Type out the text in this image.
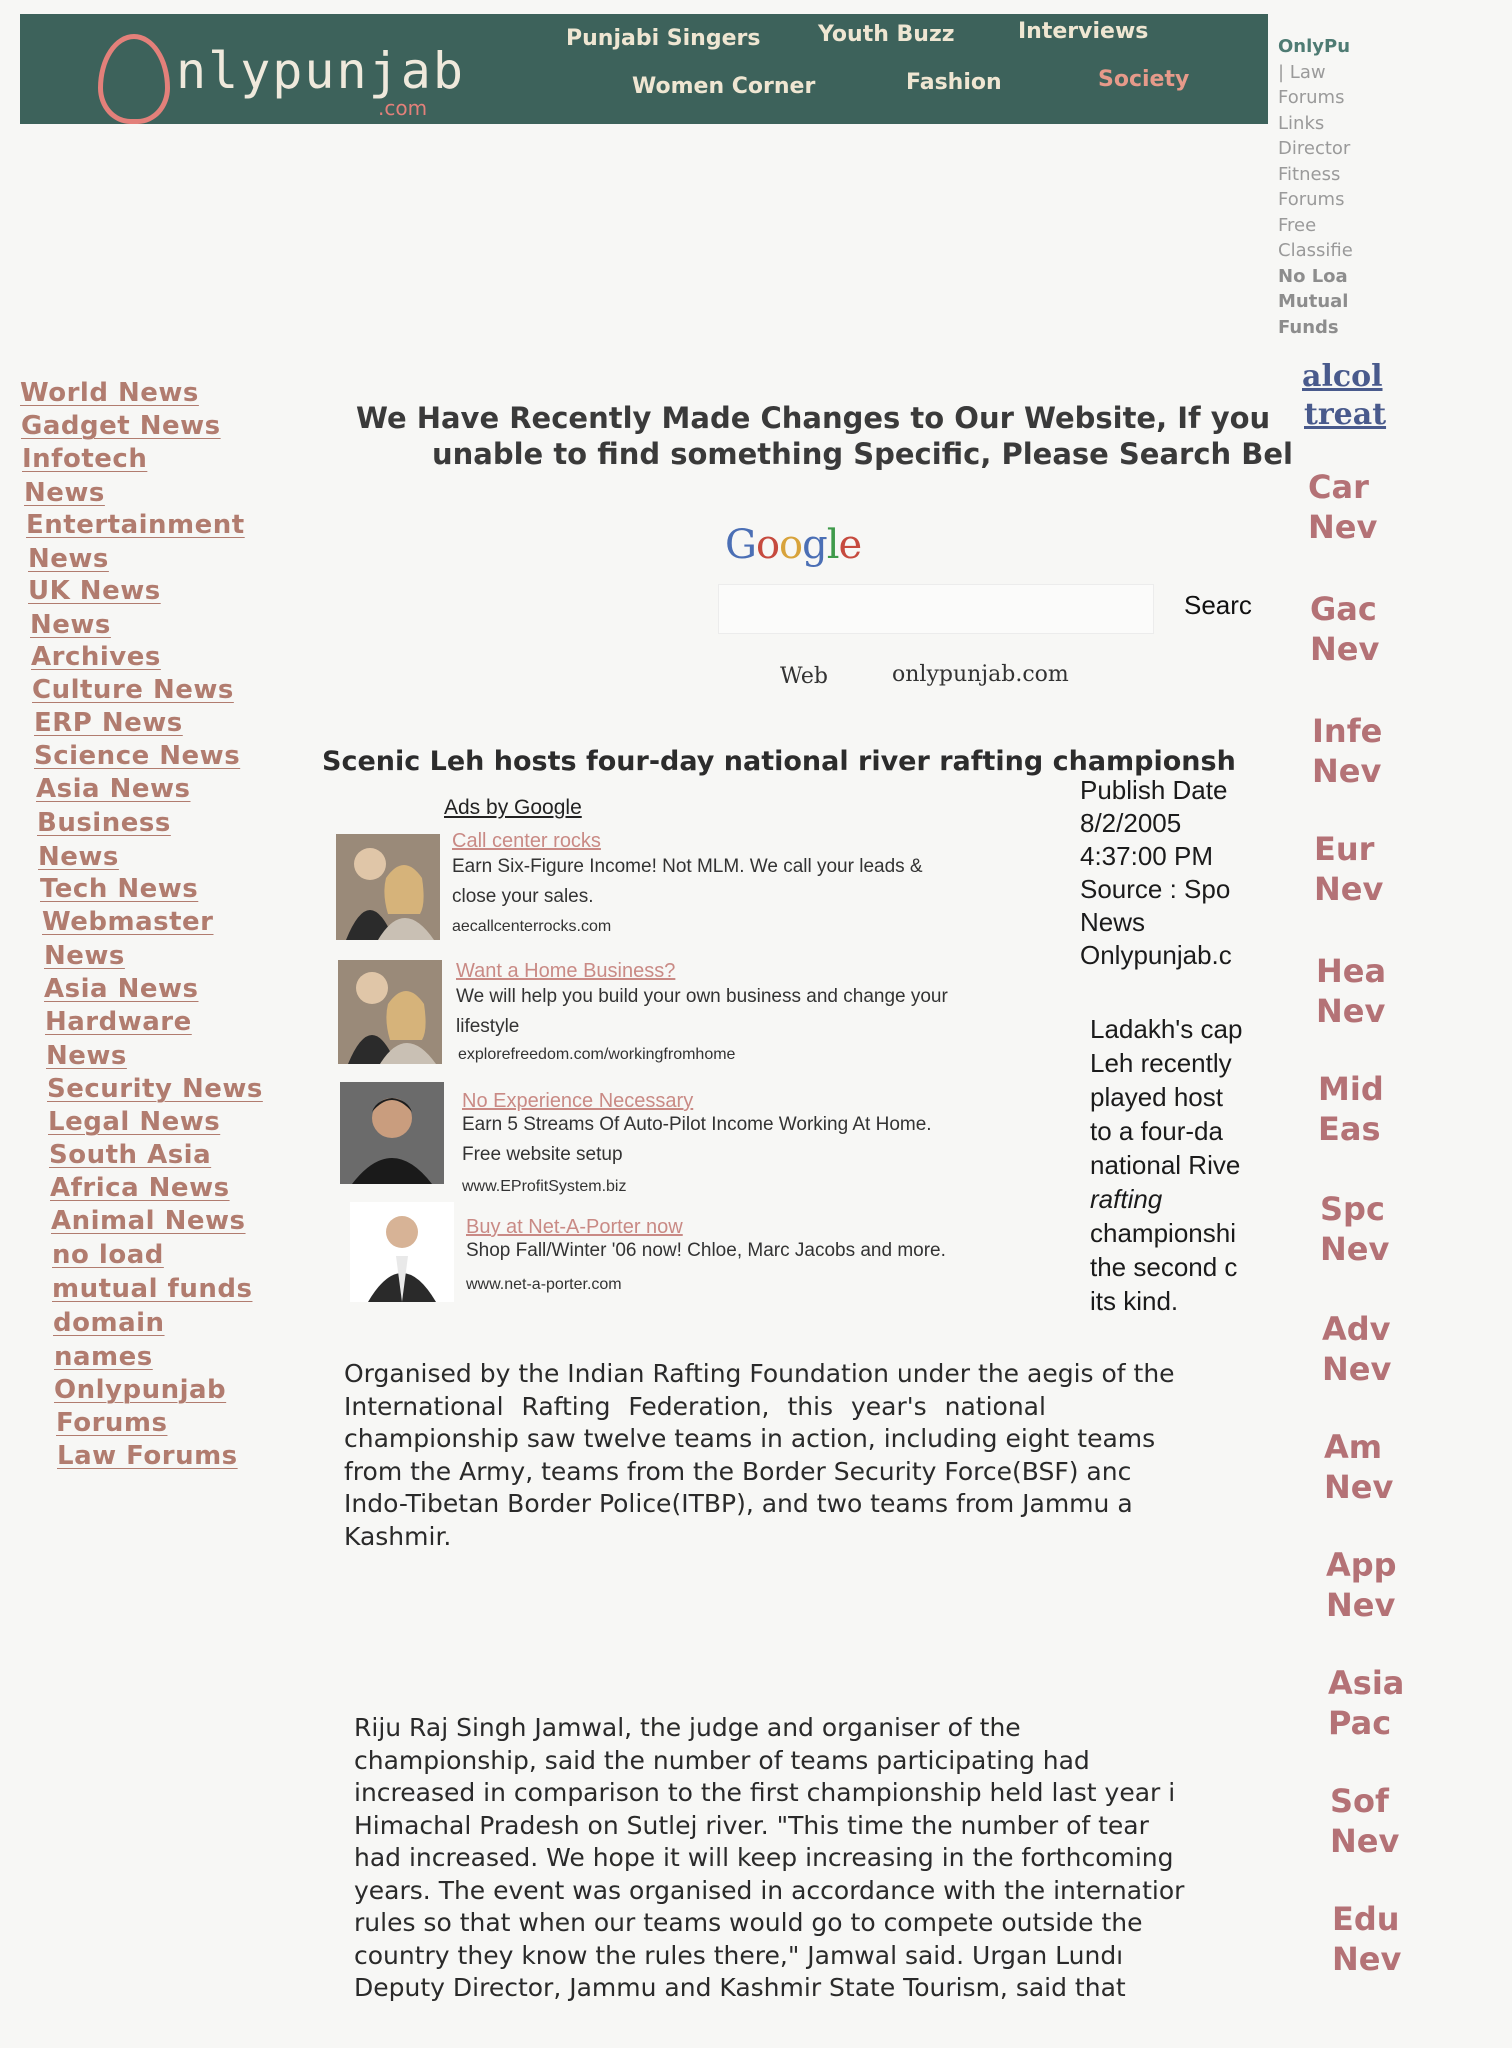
nlypunjab
.com
Punjabi Singers	Youth Buzz	Interviews
Women Corner	Fashion	Society
OnlyPu
| Law
Forums
Links
Director
Fitness
Forums
Free
Classifie
No Loa
Mutual
Funds
World News
Gadget News
Infotech
News
Entertainment
News
UK News
News
Archives
Culture News
ERP News
Science News
Asia News
Business
News
Tech News
Webmaster
News
Asia News
Hardware
News
Security News
Legal News
South Asia
Africa News
Animal News
no load
mutual funds
domain
names
Onlypunjab
Forums
Law Forums
alcol
treat
Car
Nev
Gac
Nev
Infe
Nev
Eur
Nev
Hea
Nev
Mid
Eas
Spc
Nev
Adv
Nev
Am
Nev
App
Nev
Asia
Pac
Sof
Nev
Edu
Nev
We Have Recently Made Changes to Our Website, If you
unable to find something Specific, Please Search Bel
Google
Searc
Web	onlypunjab.com
Scenic Leh hosts four-day national river rafting championsh
Ads by Google
Call center rocks
Earn Six-Figure Income! Not MLM. We call your leads &
close your sales.
aecallcenterrocks.com
Want a Home Business?
We will help you build your own business and change your
lifestyle
explorefreedom.com/workingfromhome
No Experience Necessary
Earn 5 Streams Of Auto-Pilot Income Working At Home.
Free website setup
www.EProfitSystem.biz
Buy at Net-A-Porter now
Shop Fall/Winter '06 now! Chloe, Marc Jacobs and more.
www.net-a-porter.com
Publish Date
8/2/2005
4:37:00 PM
Source : Spo
News
Onlypunjab.c
Ladakh's cap
Leh recently
played host
to a four-da
national Rive
rafting
championshi
the second c
its kind.
Organised by the Indian Rafting Foundation under the aegis of the
International Rafting Federation, this year's national
championship saw twelve teams in action, including eight teams
from the Army, teams from the Border Security Force(BSF) anc
Indo-Tibetan Border Police(ITBP), and two teams from Jammu a
Kashmir.
Riju Raj Singh Jamwal, the judge and organiser of the
championship, said the number of teams participating had
increased in comparison to the first championship held last year i
Himachal Pradesh on Sutlej river. "This time the number of tear
had increased. We hope it will keep increasing in the forthcoming
years. The event was organised in accordance with the internatior
rules so that when our teams would go to compete outside the
country they know the rules there," Jamwal said. Urgan Lundı
Deputy Director, Jammu and Kashmir State Tourism, said that
